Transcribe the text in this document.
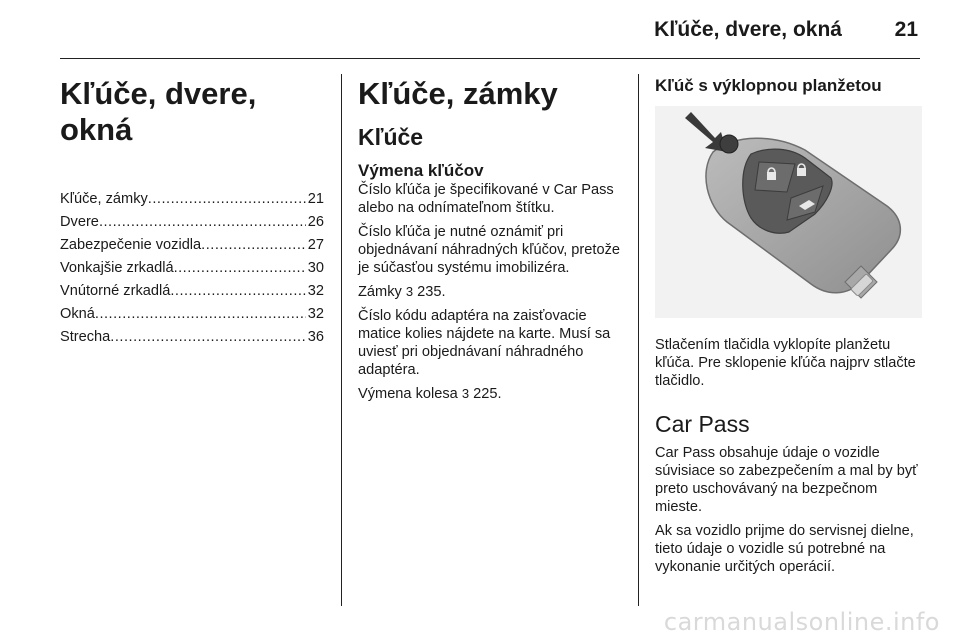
Kľúče, dvere, okná	21
Kľúče, dvere, okná
Kľúče, zámky .....	21
Dvere .....	26
Zabezpečenie vozidla .....	27
Vonkajšie zrkadlá .....	30
Vnútorné zrkadlá .....	32
Okná .....	32
Strecha .....	36
Kľúče, zámky
Kľúče
Výmena kľúčov

Číslo kľúča je špecifikované v Car Pass alebo na odnímateľnom štítku.

Číslo kľúča je nutné oznámiť pri objednávaní náhradných kľúčov, pretože je súčasťou systému imobilizéra.

Zámky 3 235.

Číslo kódu adaptéra na zaisťovacie matice kolies nájdete na karte. Musí sa uviesť pri objednávaní náhradného adaptéra.

Výmena kolesa 3 225.

Kľúč s výklopnou planžetou

Stlačením tlačidla vyklopíte planžetu kľúča. Pre sklopenie kľúča najprv stlačte tlačidlo.

Car Pass

Car Pass obsahuje údaje o vozidle súvisiace so zabezpečením a mal by byť preto uschovávaný na bezpečnom mieste.

Ak sa vozidlo prijme do servisnej dielne, tieto údaje o vozidle sú potrebné na vykonanie určitých operácií.

carmanualsonline.info
